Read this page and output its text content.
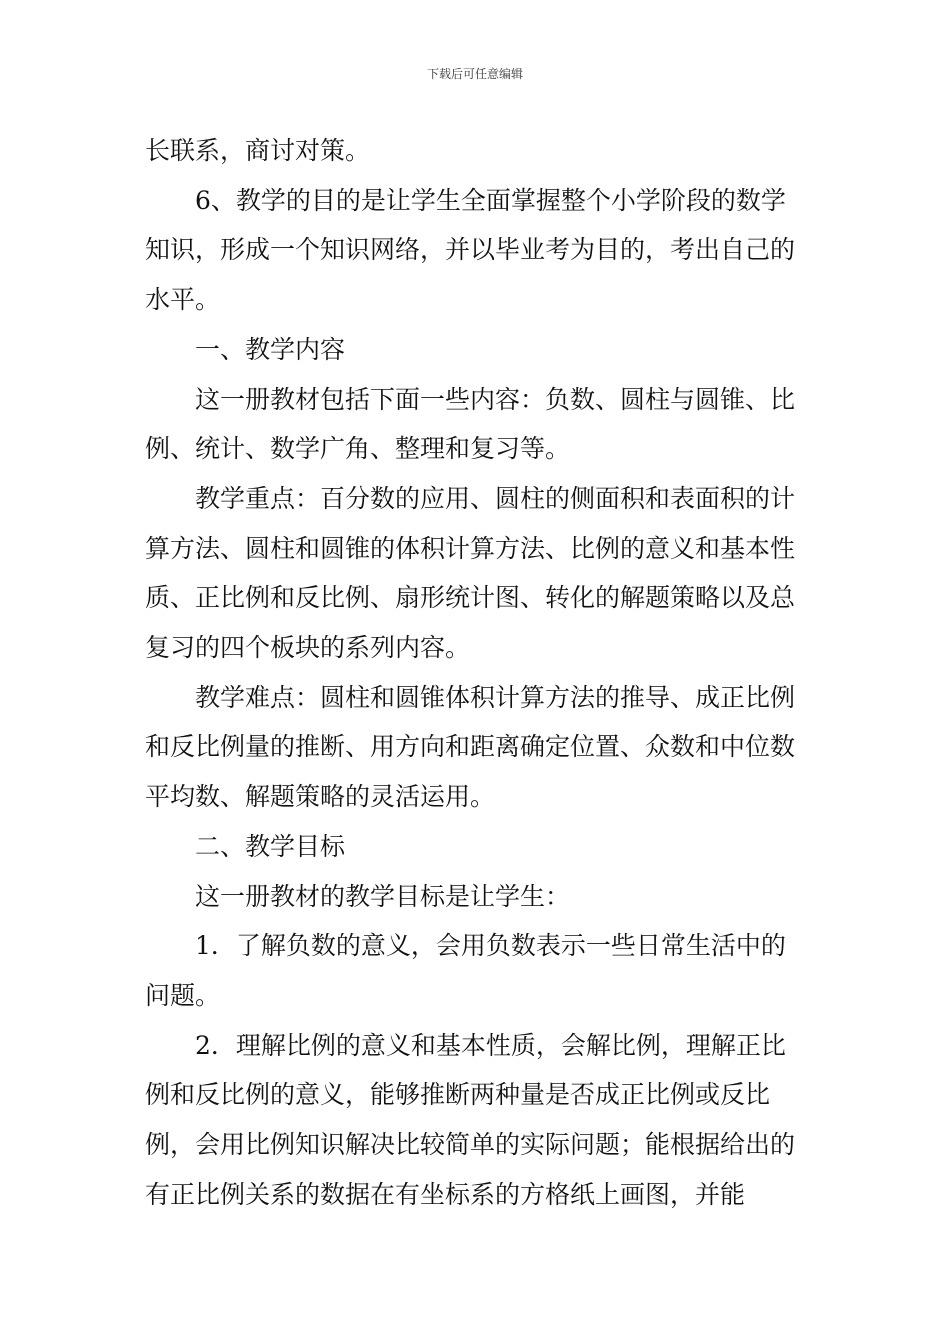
下载后可任意编辑

长联系，商讨对策。

6、教学的目的是让学生全面掌握整个小学阶段的数学知识，形成一个知识网络，并以毕业考为目的，考出自己的水平。

一、教学内容

这一册教材包括下面一些内容：负数、圆柱与圆锥、比例、统计、数学广角、整理和复习等。

教学重点：百分数的应用、圆柱的侧面积和表面积的计算方法、圆柱和圆锥的体积计算方法、比例的意义和基本性质、正比例和反比例、扇形统计图、转化的解题策略以及总复习的四个板块的系列内容。

教学难点：圆柱和圆锥体积计算方法的推导、成正比例和反比例量的推断、用方向和距离确定位置、众数和中位数平均数、解题策略的灵活运用。

二、教学目标

这一册教材的教学目标是让学生：

1．了解负数的意义，会用负数表示一些日常生活中的问题。

2．理解比例的意义和基本性质，会解比例，理解正比例和反比例的意义，能够推断两种量是否成正比例或反比例，会用比例知识解决比较简单的实际问题；能根据给出的有正比例关系的数据在有坐标系的方格纸上画图，并能
